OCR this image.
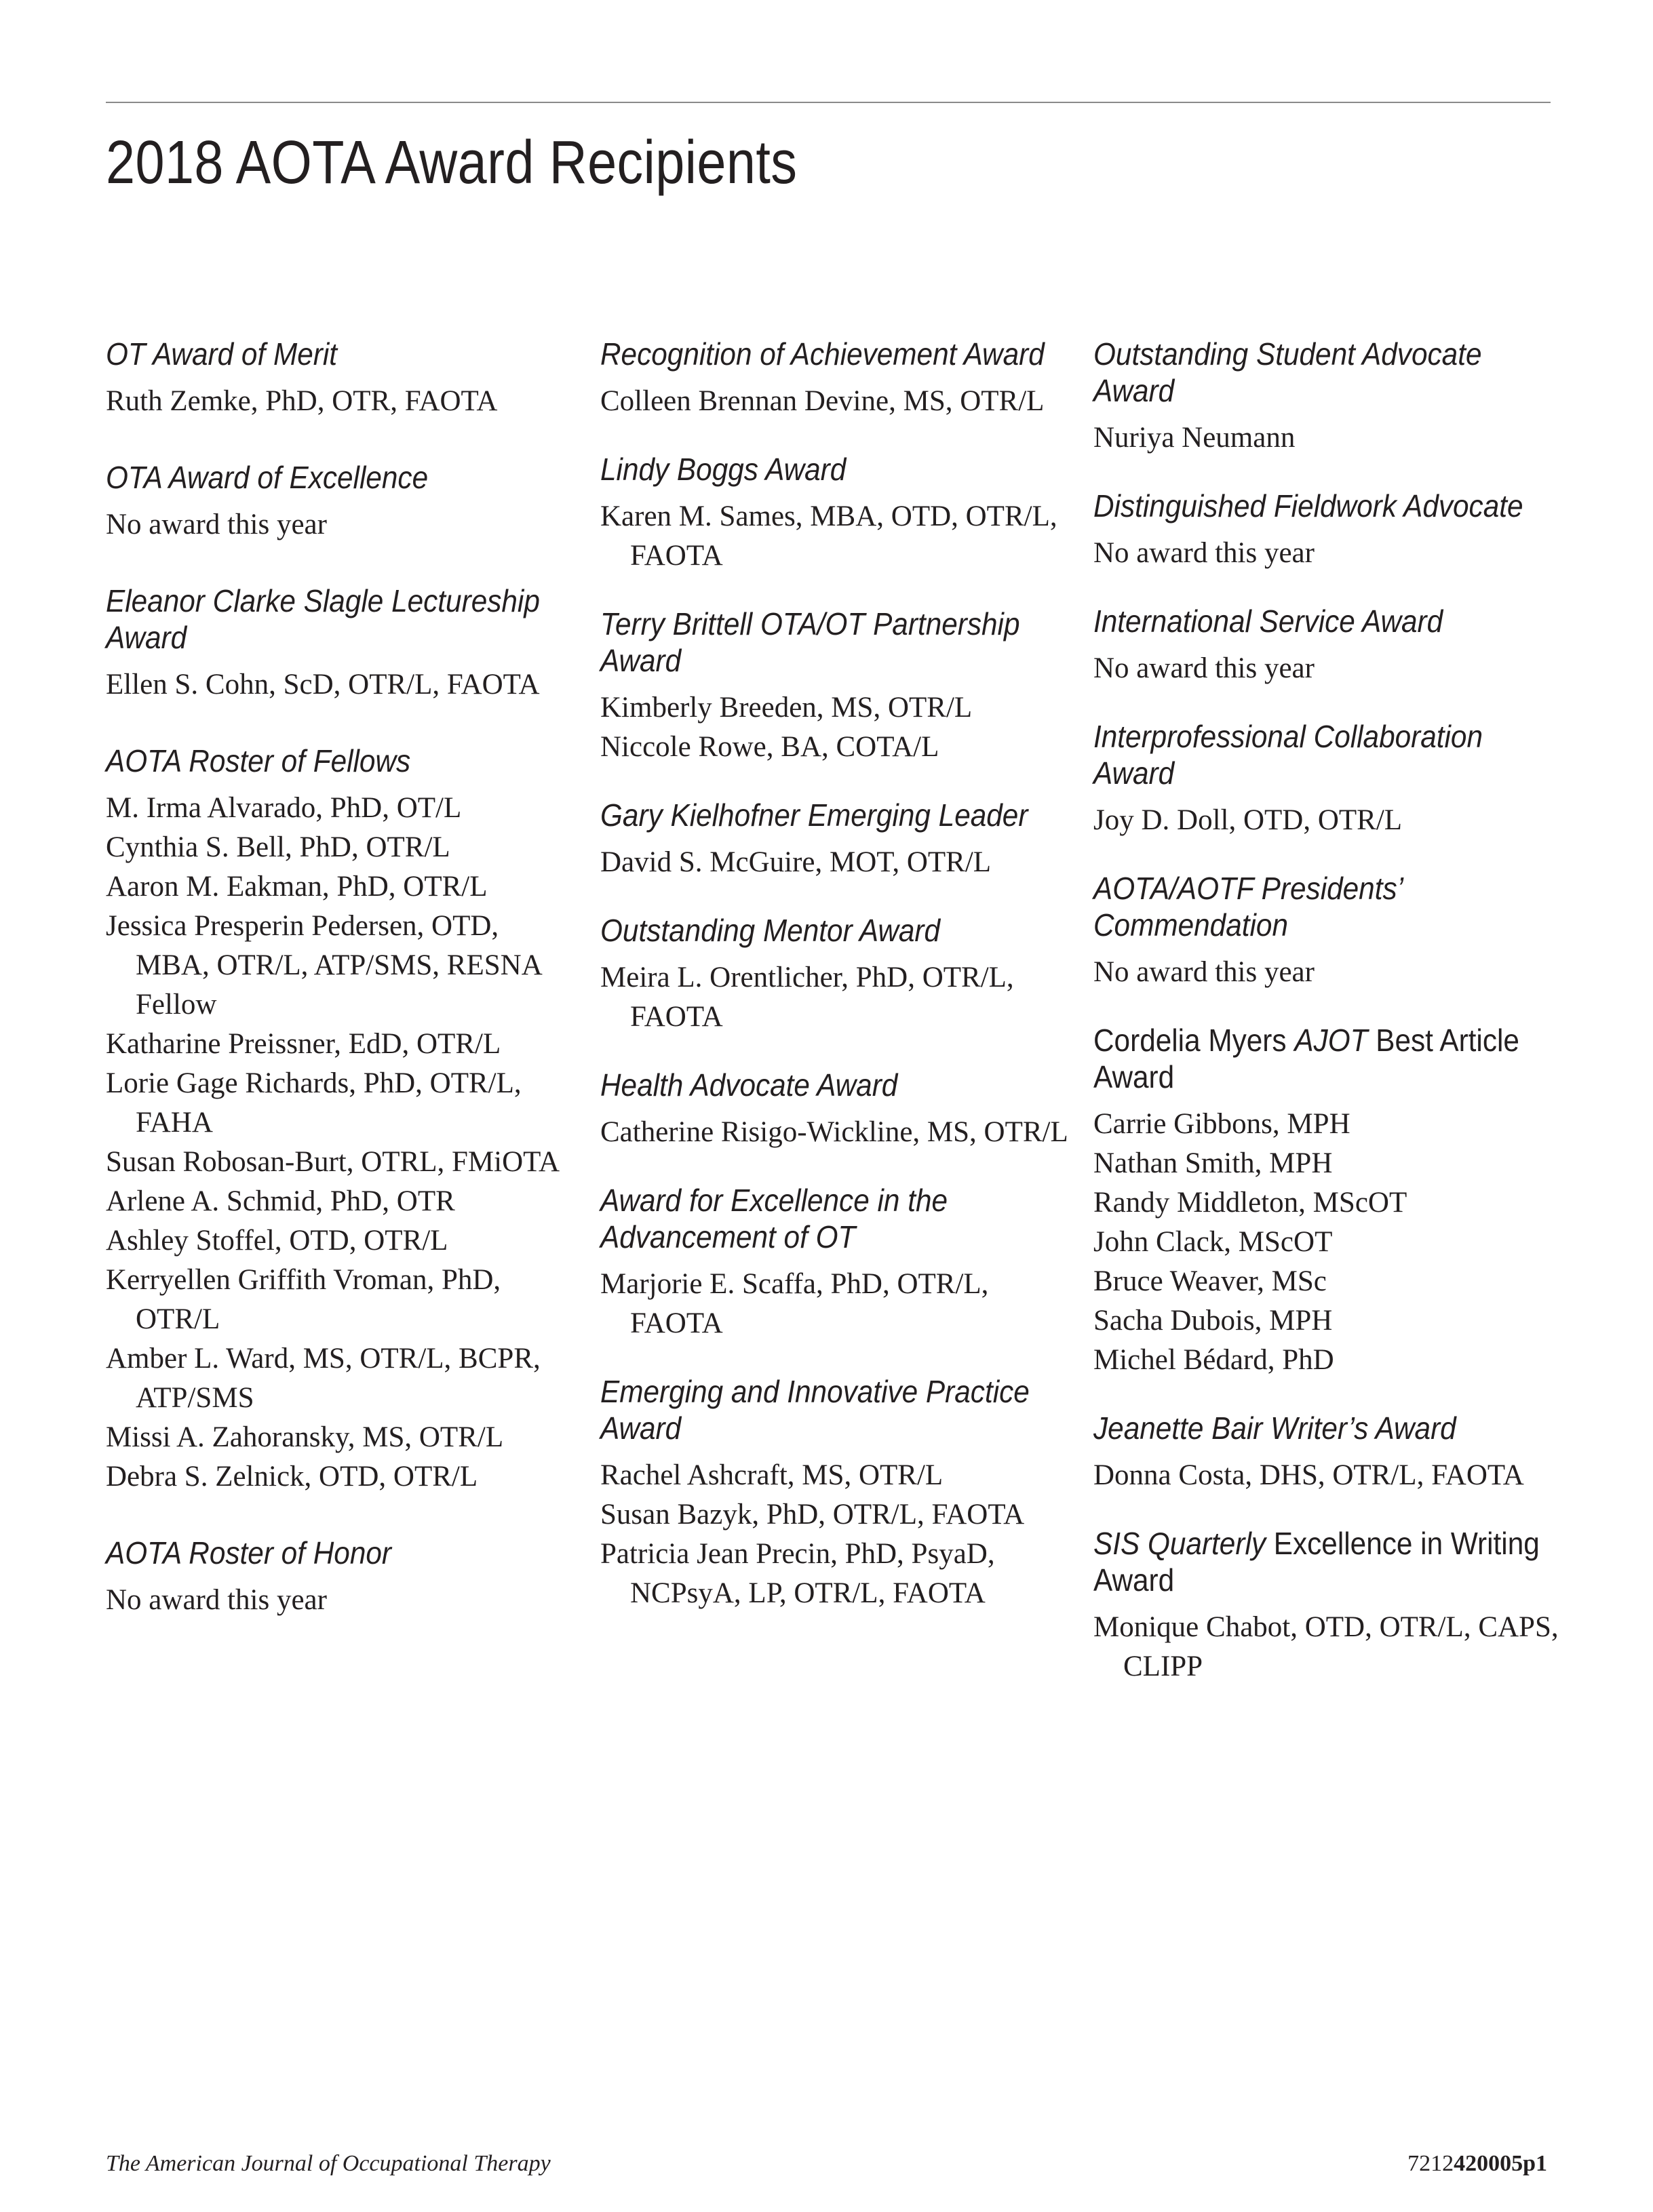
2018 AOTA Award Recipients
OT Award of Merit
Ruth Zemke, PhD, OTR, FAOTA
OTA Award of Excellence
No award this year
Eleanor Clarke Slagle Lectureship Award
Ellen S. Cohn, ScD, OTR/L, FAOTA
AOTA Roster of Fellows
M. Irma Alvarado, PhD, OT/L
Cynthia S. Bell, PhD, OTR/L
Aaron M. Eakman, PhD, OTR/L
Jessica Presperin Pedersen, OTD, MBA, OTR/L, ATP/SMS, RESNA Fellow
Katharine Preissner, EdD, OTR/L
Lorie Gage Richards, PhD, OTR/L, FAHA
Susan Robosan-Burt, OTRL, FMiOTA
Arlene A. Schmid, PhD, OTR
Ashley Stoffel, OTD, OTR/L
Kerryellen Griffith Vroman, PhD, OTR/L
Amber L. Ward, MS, OTR/L, BCPR, ATP/SMS
Missi A. Zahoransky, MS, OTR/L
Debra S. Zelnick, OTD, OTR/L
AOTA Roster of Honor
No award this year
Recognition of Achievement Award
Colleen Brennan Devine, MS, OTR/L
Lindy Boggs Award
Karen M. Sames, MBA, OTD, OTR/L, FAOTA
Terry Brittell OTA/OT Partnership Award
Kimberly Breeden, MS, OTR/L
Niccole Rowe, BA, COTA/L
Gary Kielhofner Emerging Leader
David S. McGuire, MOT, OTR/L
Outstanding Mentor Award
Meira L. Orentlicher, PhD, OTR/L, FAOTA
Health Advocate Award
Catherine Risigo-Wickline, MS, OTR/L
Award for Excellence in the Advancement of OT
Marjorie E. Scaffa, PhD, OTR/L, FAOTA
Emerging and Innovative Practice Award
Rachel Ashcraft, MS, OTR/L
Susan Bazyk, PhD, OTR/L, FAOTA
Patricia Jean Precin, PhD, PsyaD, NCPsyA, LP, OTR/L, FAOTA
Outstanding Student Advocate Award
Nuriya Neumann
Distinguished Fieldwork Advocate
No award this year
International Service Award
No award this year
Interprofessional Collaboration Award
Joy D. Doll, OTD, OTR/L
AOTA/AOTF Presidents’ Commendation
No award this year
Cordelia Myers AJOT Best Article Award
Carrie Gibbons, MPH
Nathan Smith, MPH
Randy Middleton, MScOT
John Clack, MScOT
Bruce Weaver, MSc
Sacha Dubois, MPH
Michel Bédard, PhD
Jeanette Bair Writer’s Award
Donna Costa, DHS, OTR/L, FAOTA
SIS Quarterly Excellence in Writing Award
Monique Chabot, OTD, OTR/L, CAPS, CLIPP
The American Journal of Occupational Therapy	7212420005p1
